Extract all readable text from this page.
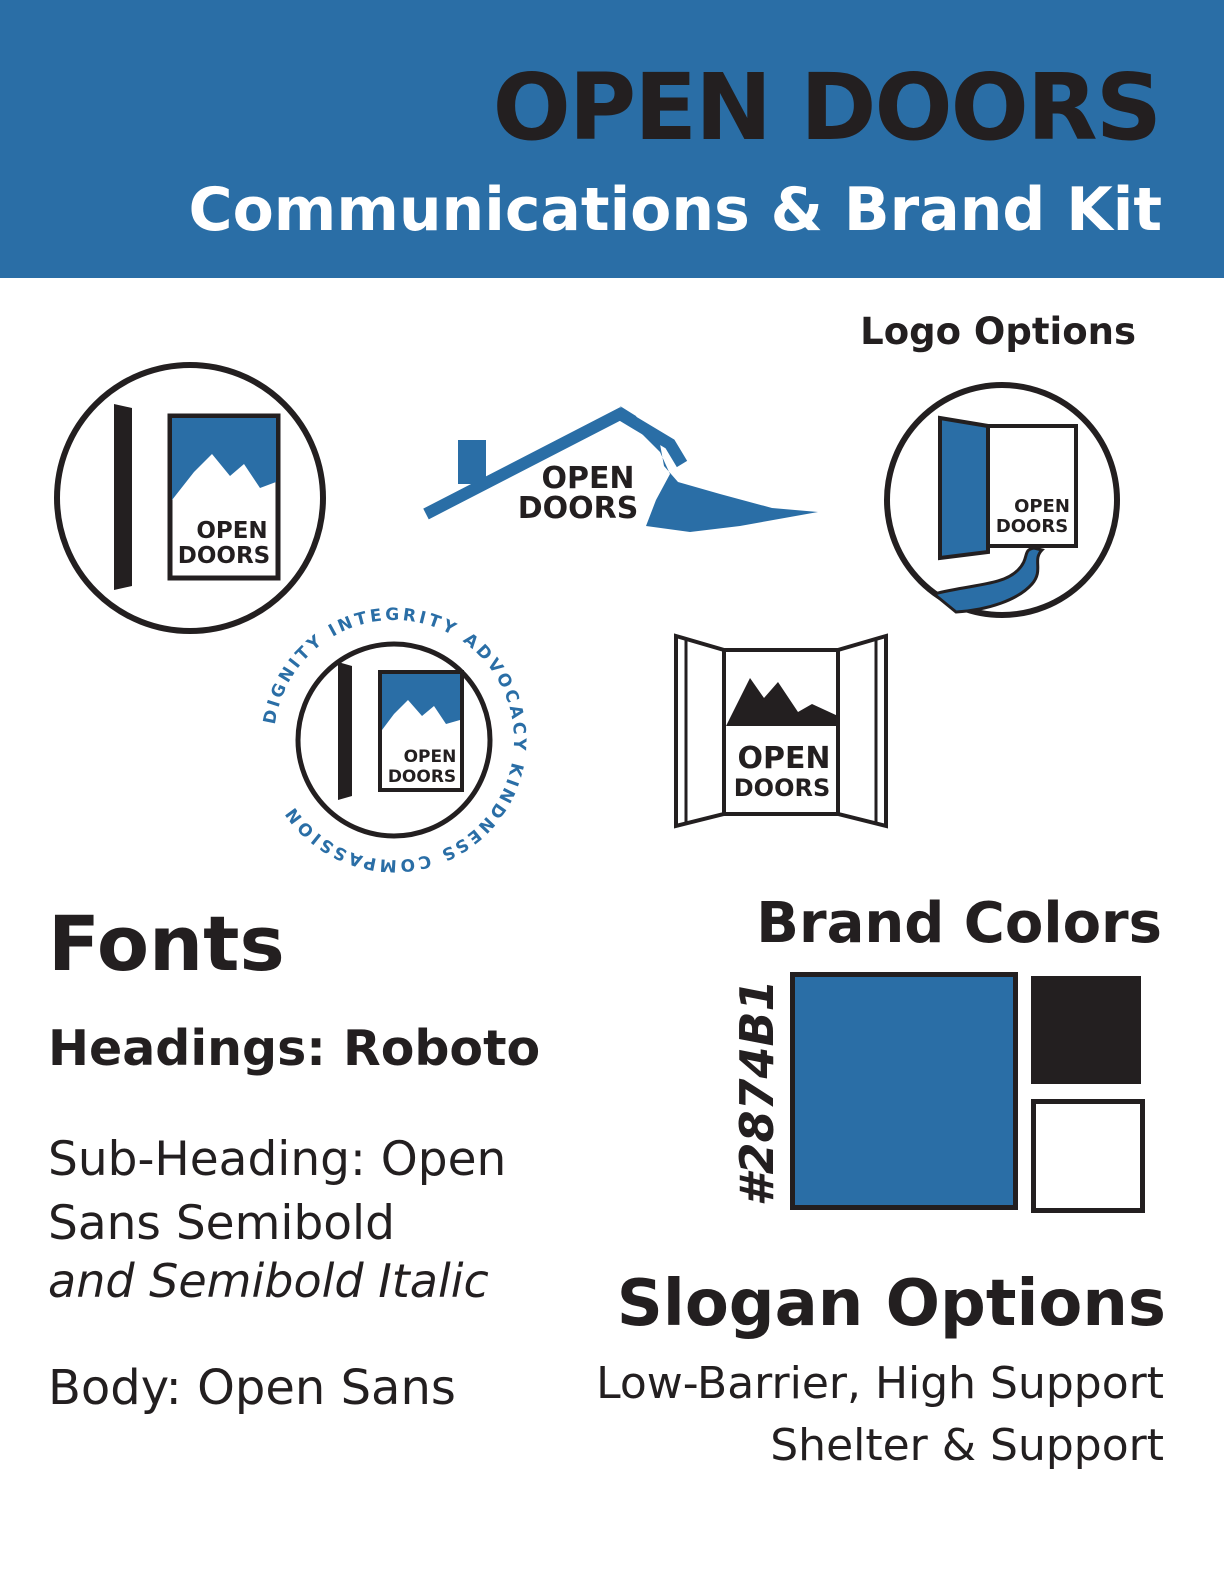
OPEN DOORS
Communications & Brand Kit
Logo Options
OPEN
DOORS
OPEN
DOORS	OPEN
DOORS
DIGNITY INTEGRITY ADVOCACY KINDNESS COMPASSION
OPEN
DOORS
OPEN
DOORS
Fonts
Headings: Roboto
Sub-Heading: Open Sans Semibold
and Semibold Italic
Body: Open Sans
Brand Colors
#2874B1
Slogan Options
Low-Barrier, High Support
Shelter & Support
